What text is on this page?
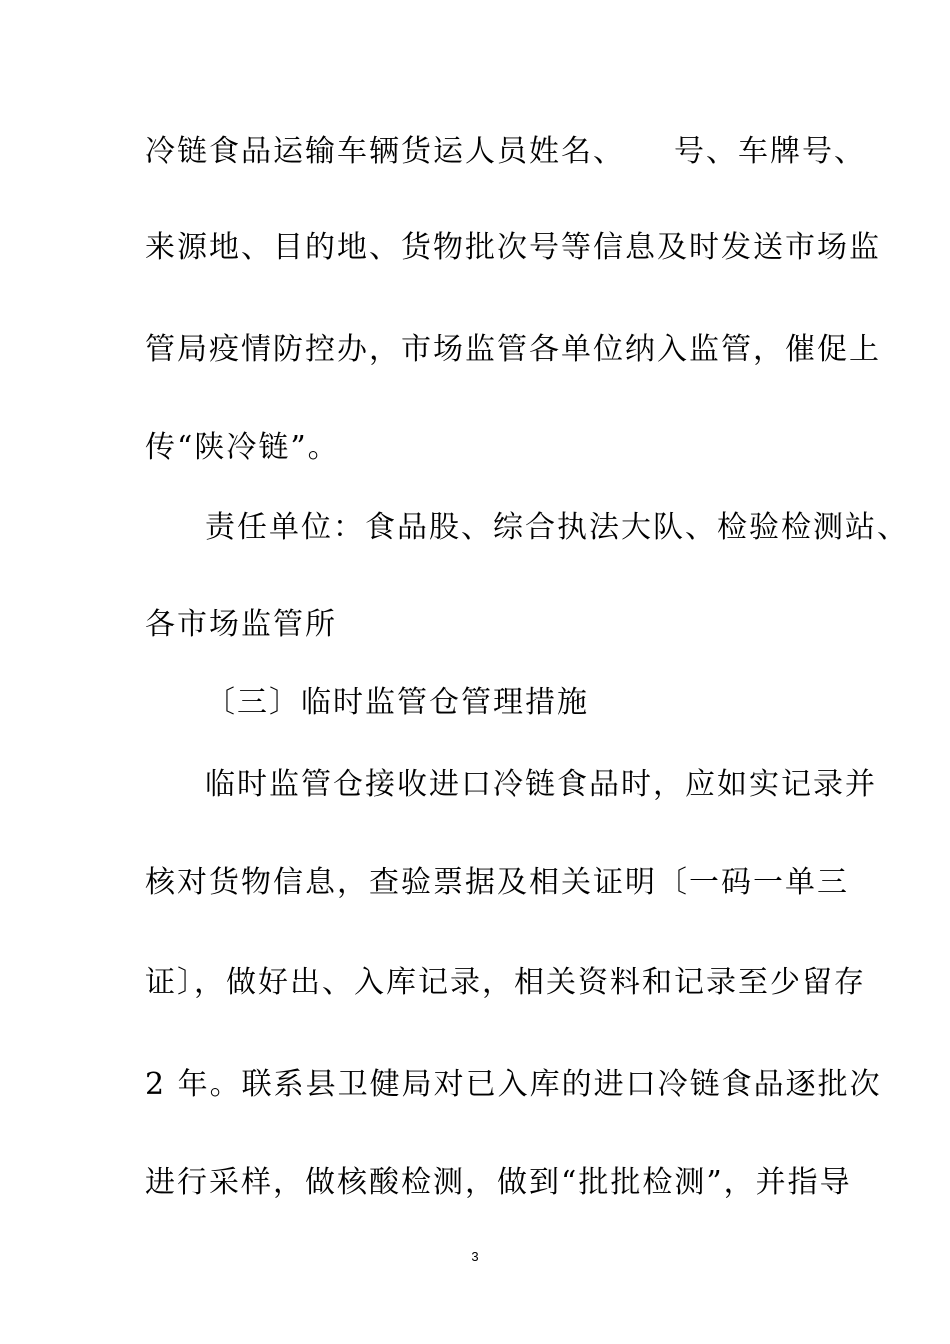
冷链食品运输车辆货运人员姓名、　　号、车牌号、
来源地、目的地、货物批次号等信息及时发送市场监
管局疫情防控办，市场监管各单位纳入监管，催促上
传“陕冷链”。
责任单位：食品股、综合执法大队、检验检测站、
各市场监管所
〔三〕临时监管仓管理措施
临时监管仓接收进口冷链食品时，应如实记录并
核对货物信息，查验票据及相关证明〔一码一单三
证〕，做好出、入库记录，相关资料和记录至少留存
2 年。联系县卫健局对已入库的进口冷链食品逐批次
进行采样，做核酸检测，做到“批批检测”，并指导
3
